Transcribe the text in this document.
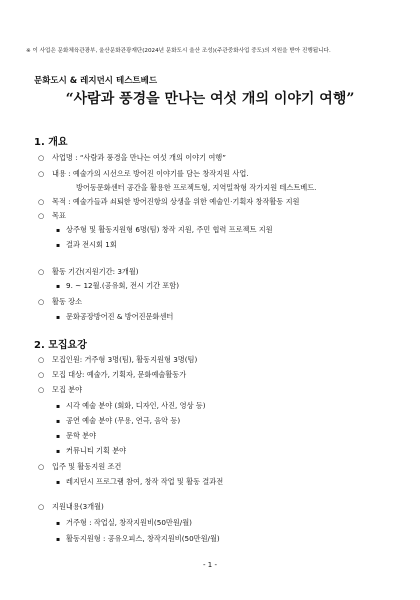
※ 이 사업은 문화체육관광부, 울산문화관광재단(2024년 문화도시 울산 조성)(주관중화사업 중도)의 지원을 받아 진행됩니다.
문화도시 & 레지던시 테스트베드
“사람과 풍경을 만나는 여섯 개의 이야기 여행”
1. 개요
○ 사업명 : “사람과 풍경을 만나는 여섯 개의 이야기 여행”
○ 내용 : 예술가의 시선으로 방어진 이야기를 담는 창작지원 사업.
방어동문화센터 공간을 활용한 프로젝트형, 지역밀착형 작가지원 테스트베드.
○ 목적 : 예술가들과 쇠퇴한 방어진항의 상생을 위한 예술인·기획자 창작활동 지원
○ 목표
▪ 상주형 및 활동지원형 6명(팀) 창작 지원, 주민 협력 프로젝트 지원
▪ 결과 전시회 1회
○ 활동 기간(지원기간: 3개월)
▪ 9. ~ 12월.(공유회, 전시 기간 포함)
○ 활동 장소
▪ 문화공장방어진 & 방어진문화센터
2. 모집요강
○ 모집인원: 거주형 3명(팀), 활동지원형 3명(팀)
○ 모집 대상: 예술가, 기획자, 문화예술활동가
○ 모집 분야
▪ 시각 예술 분야 (회화, 디자인, 사진, 영상 등)
▪ 공연 예술 분야 (무용, 연극, 음악 등)
▪ 문학 분야
▪ 커뮤니티 기획 분야
○ 입주 및 활동지원 조건
▪ 레지던시 프로그램 참여, 창작 작업 및 활동 결과전
○ 지원내용(3개월)
▪ 거주형 : 작업실, 창작지원비(50만원/월)
▪ 활동지원형 : 공유오피스, 창작지원비(50만원/월)
- 1 -
